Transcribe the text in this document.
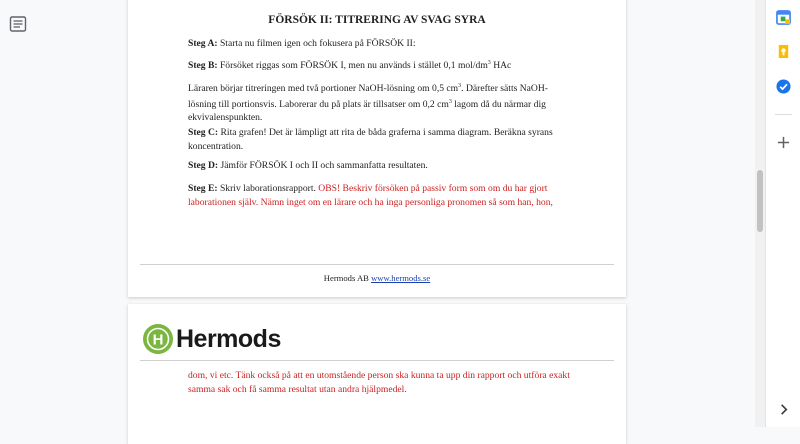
FÖRSÖK II: TITRERING AV SVAG SYRA

Steg A: Starta nu filmen igen och fokusera på FÖRSÖK II:

Steg B: Försöket riggas som FÖRSÖK I, men nu används i stället 0,1 mol/$dm^3$ HAc

Läraren börjar titreringen med två portioner NaOH-lösning om 0,5 $cm^3$. Därefter sätts NaOH-lösning till portionsvis. Laborerar du på plats är tillsatser om 0,2 $cm^3$ lagom då du närmar dig ekvivalenspunkten.

Steg C: Rita grafen! Det är lämpligt att rita de båda graferna i samma diagram. Beräkna syrans koncentration.

Steg D: Jämför FÖRSÖK I och II och sammanfatta resultaten.

Steg E: Skriv laborationsrapport. OBS! Beskriv försöken på passiv form som om du har gjort laborationen själv. Nämn inget om en lärare och ha inga personliga pronomen så som han, hon,

Hermods AB www.hermods.se

H Hermods

dom, vi etc. Tänk också på att en utomstående person ska kunna ta upp din rapport och utföra exakt samma sak och få samma resultat utan andra hjälpmedel.
